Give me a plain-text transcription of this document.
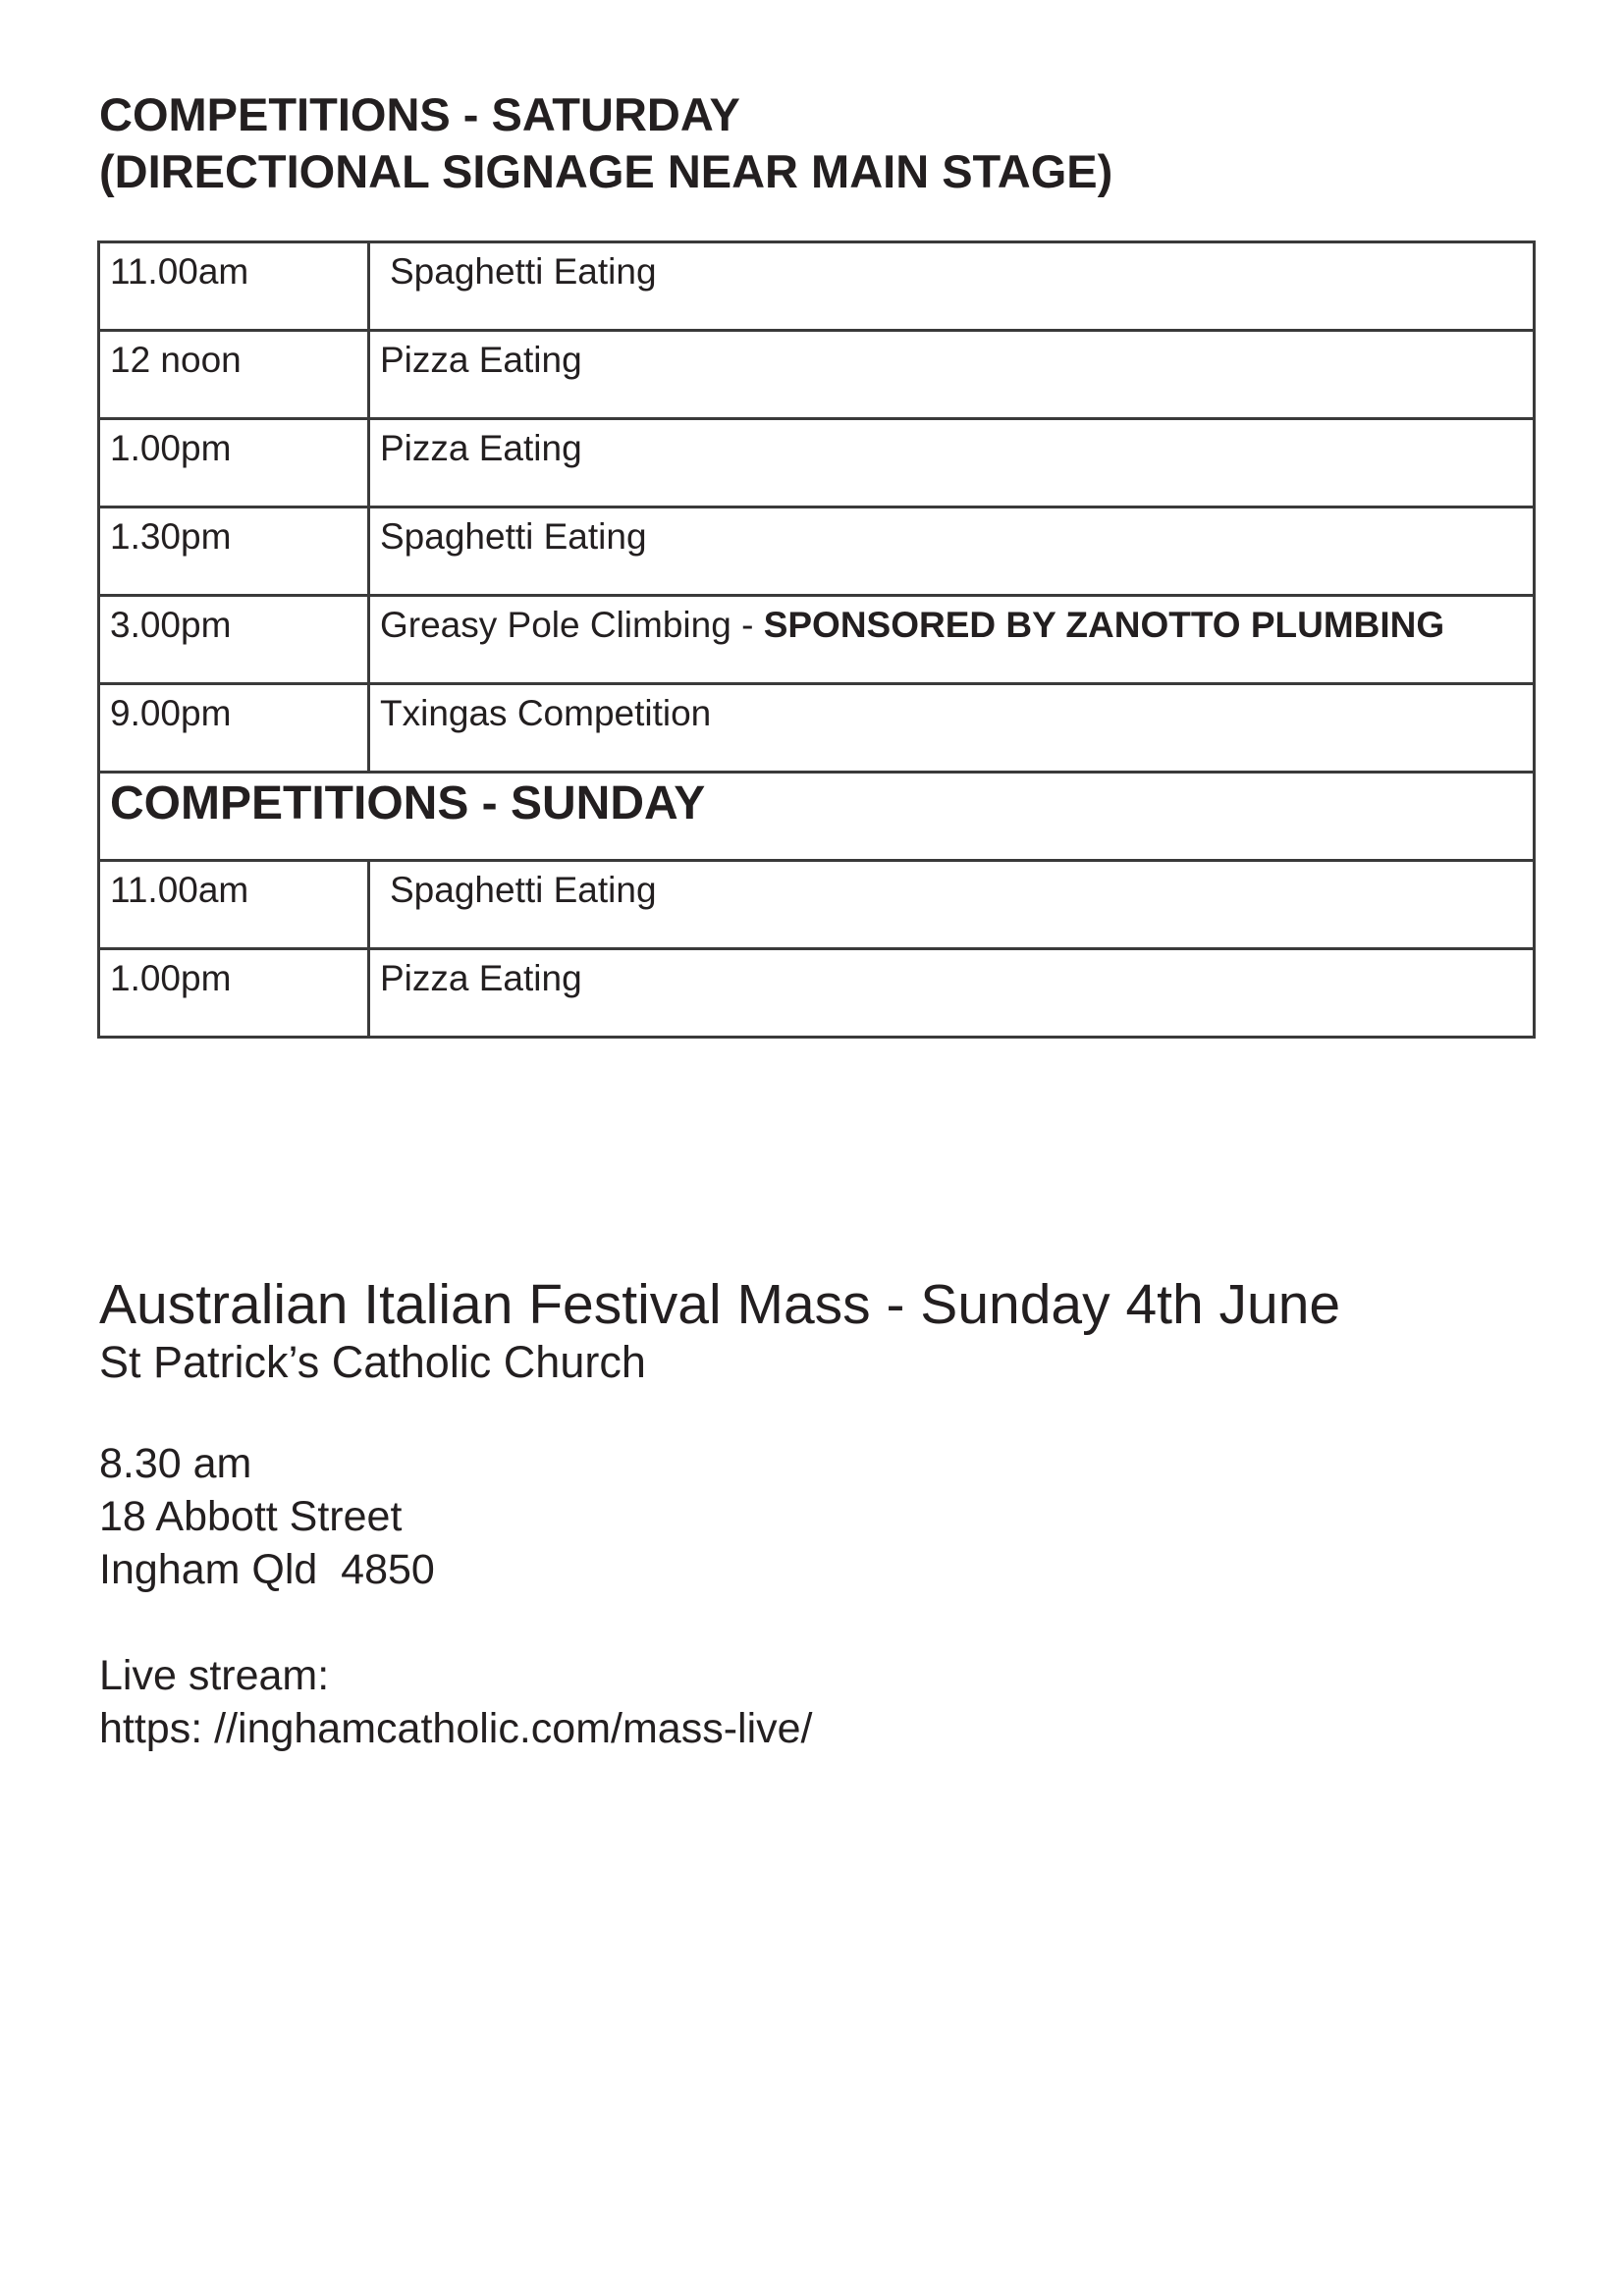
COMPETITIONS - SATURDAY
(DIRECTIONAL SIGNAGE NEAR MAIN STAGE)
11.00am	Spaghetti Eating
12 noon	Pizza Eating
1.00pm	Pizza Eating
1.30pm	Spaghetti Eating
3.00pm	Greasy Pole Climbing - SPONSORED BY ZANOTTO PLUMBING
9.00pm	Txingas Competition
COMPETITIONS - SUNDAY	
11.00am	Spaghetti Eating
1.00pm	Pizza Eating

Australian Italian Festival Mass - Sunday 4th June

St Patrick’s Catholic Church

8.30 am
18 Abbott Street
Ingham Qld  4850
Live stream:
https: //inghamcatholic.com/mass-live/
